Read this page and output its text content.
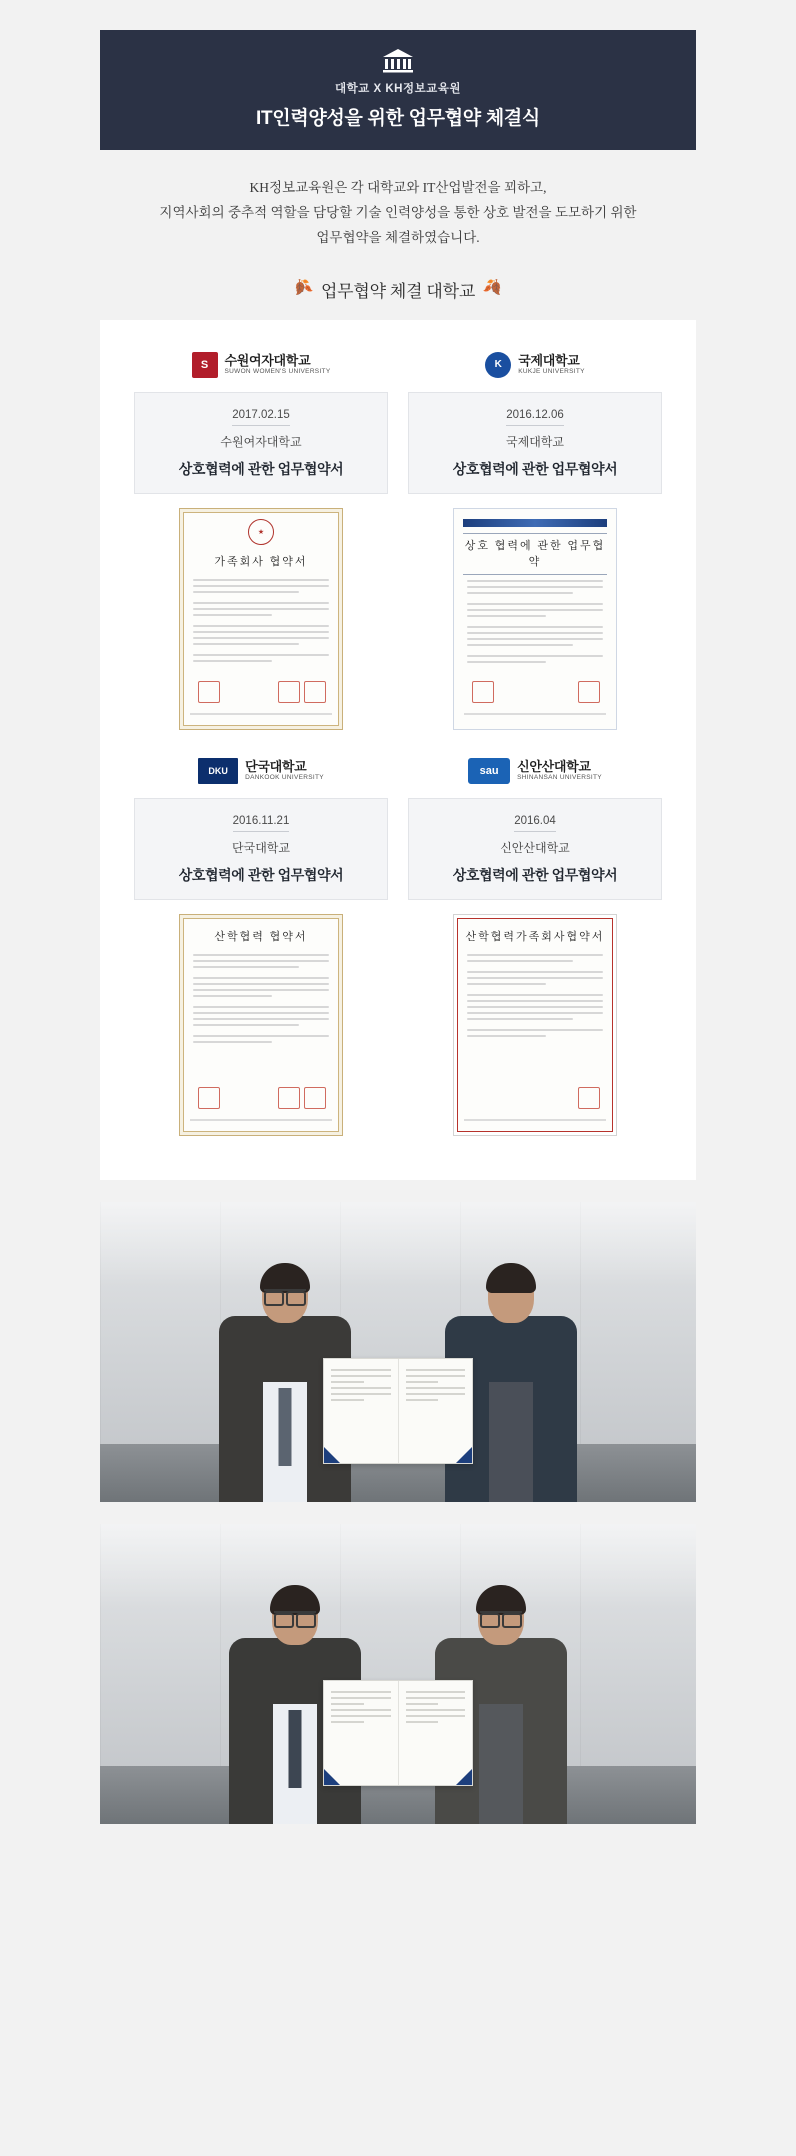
대학교 X KH정보교육원
IT인력양성을 위한 업무협약 체결식
KH정보교육원은 각 대학교와 IT산업발전을 꾀하고,
지역사회의 중추적 역할을 담당할 기술 인력양성을 통한 상호 발전을 도모하기 위한
업무협약을 체결하였습니다.
🍂 업무협약 체결 대학교 🍂
S	수원여자대학교
SUWON WOMEN'S UNIVERSITY
2017.02.15
수원여자대학교
상호협력에 관한 업무협약서
★
가족회사 협약서
K	국제대학교
KUKJE UNIVERSITY
2016.12.06
국제대학교
상호협력에 관한 업무협약서
상호 협력에 관한 업무협약
DKU	단국대학교
DANKOOK UNIVERSITY
2016.11.21
단국대학교
상호협력에 관한 업무협약서
산학협력 협약서
sau	신안산대학교
SHINANSAN UNIVERSITY
2016.04
신안산대학교
상호협력에 관한 업무협약서
산학협력가족회사협약서
